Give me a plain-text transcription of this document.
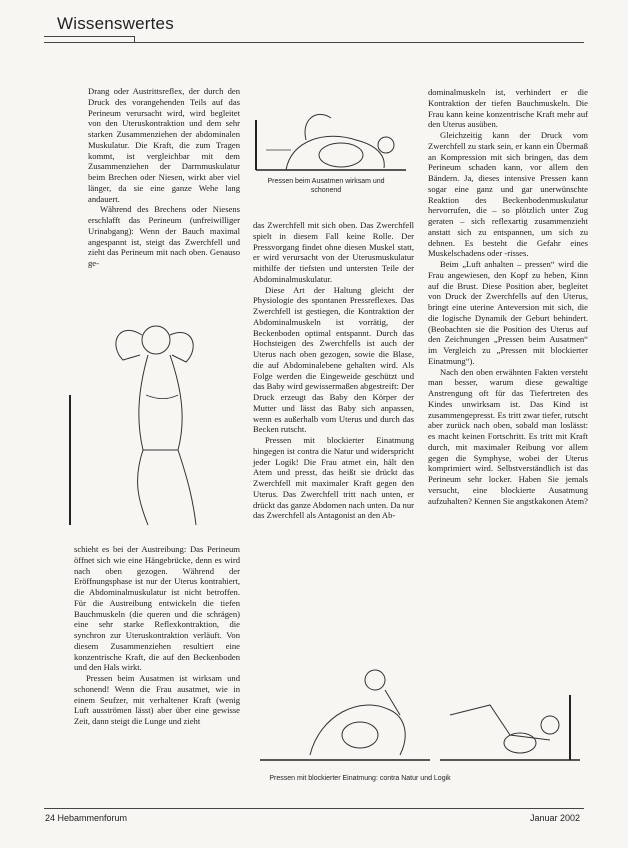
Wissenswertes
Pressen beim Ausatmen wirksam und schonend
Pressen mit blockierter Einatmung: contra Natur und Logik

Drang oder Austrittsreflex, der durch den Druck des vorangehenden Teils auf das Perineum verursacht wird, wird begleitet von den Uteruskontraktion und dem sehr starken Zusammenziehen der abdominalen Muskulatur. Die Kraft, die zum Tragen kommt, ist vergleichbar mit dem Zusammenziehen der Darmmuskulatur beim Brechen oder Niesen, wirkt aber viel länger, da sie eine ganze Wehe lang andauert.

Während des Brechens oder Niesens erschlafft das Perineum (unfreiwilliger Urinabgang): Wenn der Bauch maximal angespannt ist, steigt das Zwerchfell und zieht das Perineum mit nach oben. Genauso ge-

schieht es bei der Austreibung: Das Perineum öffnet sich wie eine Hängebrücke, denn es wird nach oben gezogen. Während der Eröffnungsphase ist nur der Uterus kontrahiert, die Abdominalmuskulatur ist nicht betroffen. Für die Austreibung entwickeln die tiefen Bauchmuskeln (die queren und die schrägen) eine sehr starke Reflexkontraktion, die synchron zur Uteruskontraktion verläuft. Von diesem Zusammenziehen resultiert eine konzentrische Kraft, die auf den Beckenboden und den Hals wirkt.

Pressen beim Ausatmen ist wirksam und schonend! Wenn die Frau ausatmet, wie in einem Seufzer, mit verhaltener Kraft (wenig Luft ausströmen lässt) aber über eine gewisse Zeit, dann steigt die Lunge und zieht

das Zwerchfell mit sich oben. Das Zwerchfell spielt in diesem Fall keine Rolle. Der Pressvorgang findet ohne diesen Muskel statt, er wird verursacht von der Uterusmuskulatur mithilfe der tiefsten und untersten Teile der Abdominalmuskulatur.

Diese Art der Haltung gleicht der Physiologie des spontanen Pressreflexes. Das Zwerchfell ist gestiegen, die Kontraktion der Abdominalmuskeln ist vorrätig, der Beckenboden optimal entspannt. Durch das Hochsteigen des Zwerchfells ist auch der Uterus nach oben gezogen, sowie die Blase, die auf Abdominalebene gehalten wird. Als Folge werden die Eingeweide geschützt und das Baby wird gewissermaßen abgestreift: Der Druck erzeugt das Baby den Körper der Mutter und lässt das Baby sich anpassen, wenn es außerhalb vom Uterus und durch das Becken rutscht.

Pressen mit blockierter Einatmung hingegen ist contra die Natur und widerspricht jeder Logik! Die Frau atmet ein, hält den Atem und presst, das heißt sie drückt das Zwerchfell mit maximaler Kraft gegen den Uterus. Das Zwerchfell tritt nach unten, er drückt das ganze Abdomen nach unten. Da nur das Zwerchfell als Antagonist an den Ab-

dominalmuskeln ist, verhindert er die Kontraktion der tiefen Bauchmuskeln. Die Frau kann keine konzentrische Kraft mehr auf den Uterus ausüben.

Gleichzeitig kann der Druck vom Zwerchfell zu stark sein, er kann ein Übermaß an Kompression mit sich bringen, das dem Perineum schaden kann, vor allem den Bändern. Ja, dieses intensive Pressen kann sogar eine ganz und gar unerwünschte Reaktion des Beckenbodenmuskulatur hervorrufen, die – so plötzlich unter Zug geraten – sich reflexartig zusammenzieht anstatt sich zu entspannen, um sich zu dehnen. Es besteht die Gefahr eines Muskelschadens oder -risses.

Beim „Luft anhalten – pressen“ wird die Frau angewiesen, den Kopf zu heben, Kinn auf die Brust. Diese Position aber, begleitet von Druck der Zwerchfells auf den Uterus, bringt eine uterine Anteversion mit sich, die die logische Dynamik der Geburt behindert. (Beobachten sie die Position des Uterus auf den Zeichnungen „Pressen beim Ausatmen“ im Vergleich zu „Pressen mit blockierter Einatmung“).

Nach den oben erwähnten Fakten versteht man besser, warum diese gewaltige Anstrengung oft für das Tiefertreten des Kindes unwirksam ist. Das Kind ist zusammengepresst. Es tritt zwar tiefer, rutscht aber zurück nach oben, sobald man loslässt: es macht keinen Fortschritt. Es tritt mit Kraft durch, mit maximaler Reibung vor allem gegen die Symphyse, wobei der Uterus komprimiert wird. Selbstverständlich ist das Perineum sehr locker. Haben Sie jemals versucht, eine blockierte Ausatmung aufzuhalten? Kennen Sie angstkakonen Atem?

24 Hebammenforum	Januar 2002
